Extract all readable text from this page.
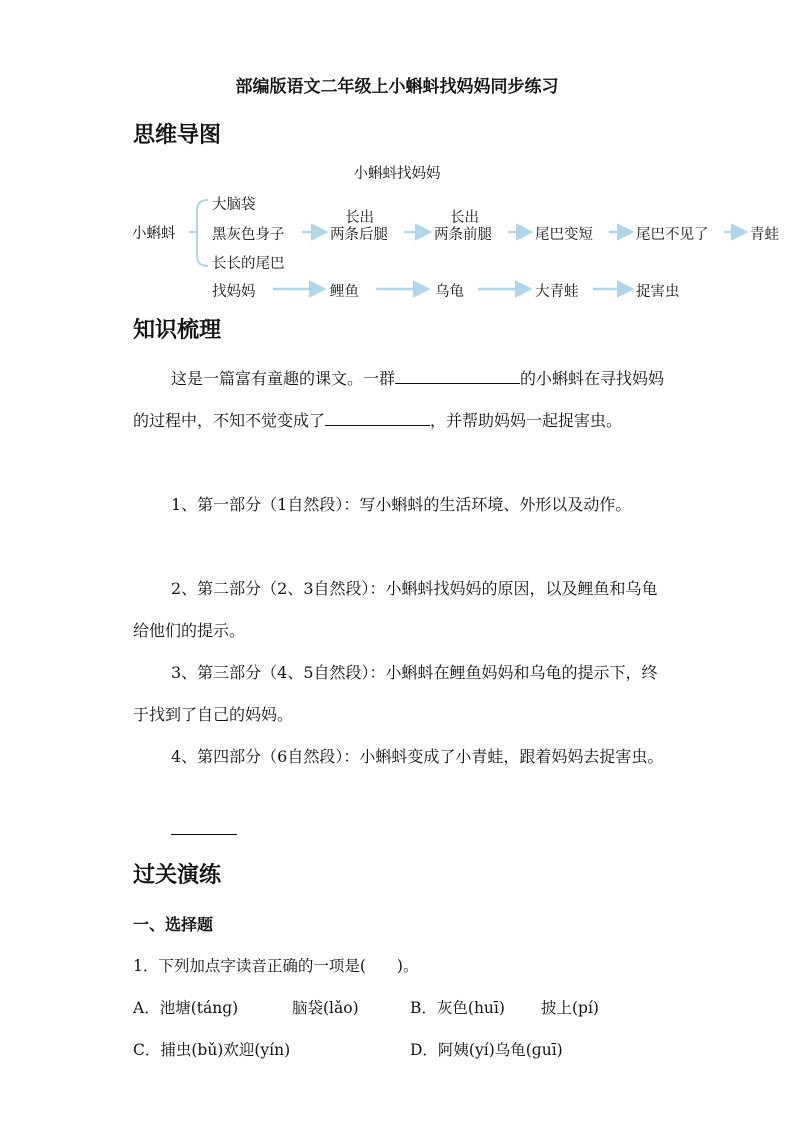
部编版语文二年级上小蝌蚪找妈妈同步练习
思维导图
小蝌蚪找妈妈
小蝌蚪
大脑袋
黑灰色身子
长长的尾巴
长出	长出
两条后腿	两条前腿	尾巴变短	尾巴不见了	青蛙
找妈妈	鲤鱼	乌龟	大青蛙	捉害虫
知识梳理
这是一篇富有童趣的课文。一群	的小蝌蚪在寻找妈妈的过程中，不知不觉变成了	，并帮助妈妈一起捉害虫。
1、第一部分（1自然段）：写小蝌蚪的生活环境、外形以及动作。
2、第二部分（2、3自然段）：小蝌蚪找妈妈的原因，以及鲤鱼和乌龟给他们的提示。
3、第三部分（4、5自然段）：小蝌蚪在鲤鱼妈妈和乌龟的提示下，终于找到了自己的妈妈。
4、第四部分（6自然段）：小蝌蚪变成了小青蛙，跟着妈妈去捉害虫。
过关演练
一、选择题
1．下列加点字读音正确的一项是(　　)。
A．池塘(tánɡ)	脑袋(lǎo)	B．灰色(huī) 披上(pí)
C．捕虫(bǔ)欢迎(yín)	D．阿姨(yí)乌龟(ɡuī)
